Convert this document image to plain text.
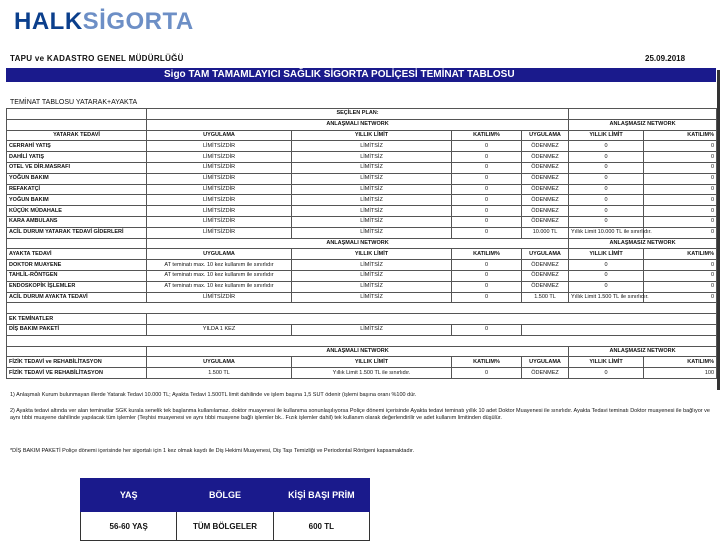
HALKSİGORTA
TAPU ve KADASTRO GENEL MÜDÜRLÜĞÜ	25.09.2018
Sigo TAM TAMAMLAYICI SAĞLIK SİGORTA POLİÇESİ TEMİNAT TABLOSU
TEMİNAT TABLOSU YATARAK+AYAKTA
	SEÇİLEN PLAN:					
	ANLAŞMALI NETWORK				ANLAŞMASIZ NETWORK	
YATARAK TEDAVİ	UYGULAMA	YILLIK LİMİT	KATILIM%	UYGULAMA	YILLIK LİMİT	KATILIM%
CERRAHİ YATIŞ	LİMİTSİZDİR	LİMİTSİZ	0	ÖDENMEZ	0	0
DAHİLİ YATIŞ	LİMİTSİZDİR	LİMİTSİZ	0	ÖDENMEZ	0	0
OTEL VE DİR.MASRAFI	LİMİTSİZDİR	LİMİTSİZ	0	ÖDENMEZ	0	0
YOĞUN BAKIM	LİMİTSİZDİR	LİMİTSİZ	0	ÖDENMEZ	0	0
REFAKATÇİ	LİMİTSİZDİR	LİMİTSİZ	0	ÖDENMEZ	0	0
YOĞUN BAKIM	LİMİTSİZDİR	LİMİTSİZ	0	ÖDENMEZ	0	0
KÜÇÜK MÜDAHALE	LİMİTSİZDİR	LİMİTSİZ	0	ÖDENMEZ	0	0
KARA AMBULANS	LİMİTSİZDİR	LİMİTSİZ	0	ÖDENMEZ	0	0
ACİL DURUM YATARAK TEDAVİ GİDERLERİ	LİMİTSİZDİR	LİMİTSİZ	0	10.000 TL	Yıllık Limit 10.000 TL ile sınırlıdır.	0
	ANLAŞMALI NETWORK				ANLAŞMASIZ NETWORK	
AYAKTA TEDAVİ	UYGULAMA	YILLIK LİMİT	KATILIM%	UYGULAMA	YILLIK LİMİT	KATILIM%
DOKTOR MUAYENE	AT teminatı max. 10 kez kullanım ile sınırlıdır	LİMİTSİZ	0	ÖDENMEZ	0	0
TAHLİL-RÖNTGEN	AT teminatı max. 10 kez kullanım ile sınırlıdır	LİMİTSİZ	0	ÖDENMEZ	0	0
ENDOSKOPİK İŞLEMLER	AT teminatı max. 10 kez kullanım ile sınırlıdır	LİMİTSİZ	0	ÖDENMEZ	0	0
ACİL DURUM AYAKTA TEDAVİ	LİMİTSİZDİR	LİMİTSİZ	0	1.500 TL	Yıllık Limit 1.500 TL ile sınırlıdır.	0

EK TEMİNATLER						
DİŞ BAKIM PAKETİ	YILDA 1 KEZ	LİMİTSİZ	0			

	ANLAŞMALI NETWORK				ANLAŞMASIZ NETWORK	
FİZİK TEDAVİ ve REHABİLİTASYON	UYGULAMA	YILLIK LİMİT	KATILIM%	UYGULAMA	YILLIK LİMİT	KATILIM%
FİZİK TEDAVİ VE REHABİLİTASYON	1.500 TL	Yıllık Limit 1.500 TL ile sınırlıdır.	0	ÖDENMEZ	0	100
1) Anlaşmalı Kurum bulunmayan illerde Yatarak Tedavi 10.000 TL; Ayakta Tedavi 1.500TL limit dahilinde ve işlem başına 1,5 SUT ödenir (işlemi başına oranı %100 dür.
2) Ayakta tedavi altında ver alan teminatlar SGK kurala senelik tek başlanma kullanılamaz. doktor muayenesi ile kullanıma sonunlaşılıyorsa Poliçe dönemi içerisinde Ayakta tedavi teminatı yıllık 10 adet Doktor Muayenesi ile sınırlıdır. Ayakta Tedavi teminatı Doktor muayenesi ile bağlıyor ve aynı tıbbi muayene dahilinde yapılacak tüm işlemler (Teşhisi muayenesi ve aynı tıbbi muayene bağlı işlemler bk.. Fızık işlemler dahil) tek kullanım olarak değerlendirilir ve adet kullanım limitinden düşülür.
*DİŞ BAKIM PAKETİ Poliçe dönemi içerisinde her sigortalı için 1 kez olmak kaydı ile Diş Hekimi Muayenesi, Diş Taşı Temizliği ve Periodontal Röntgeni kapsamaktadır.
YAŞ	BÖLGE	KİŞİ BAŞI PRİM
56-60 YAŞ	TÜM BÖLGELER	600 TL
